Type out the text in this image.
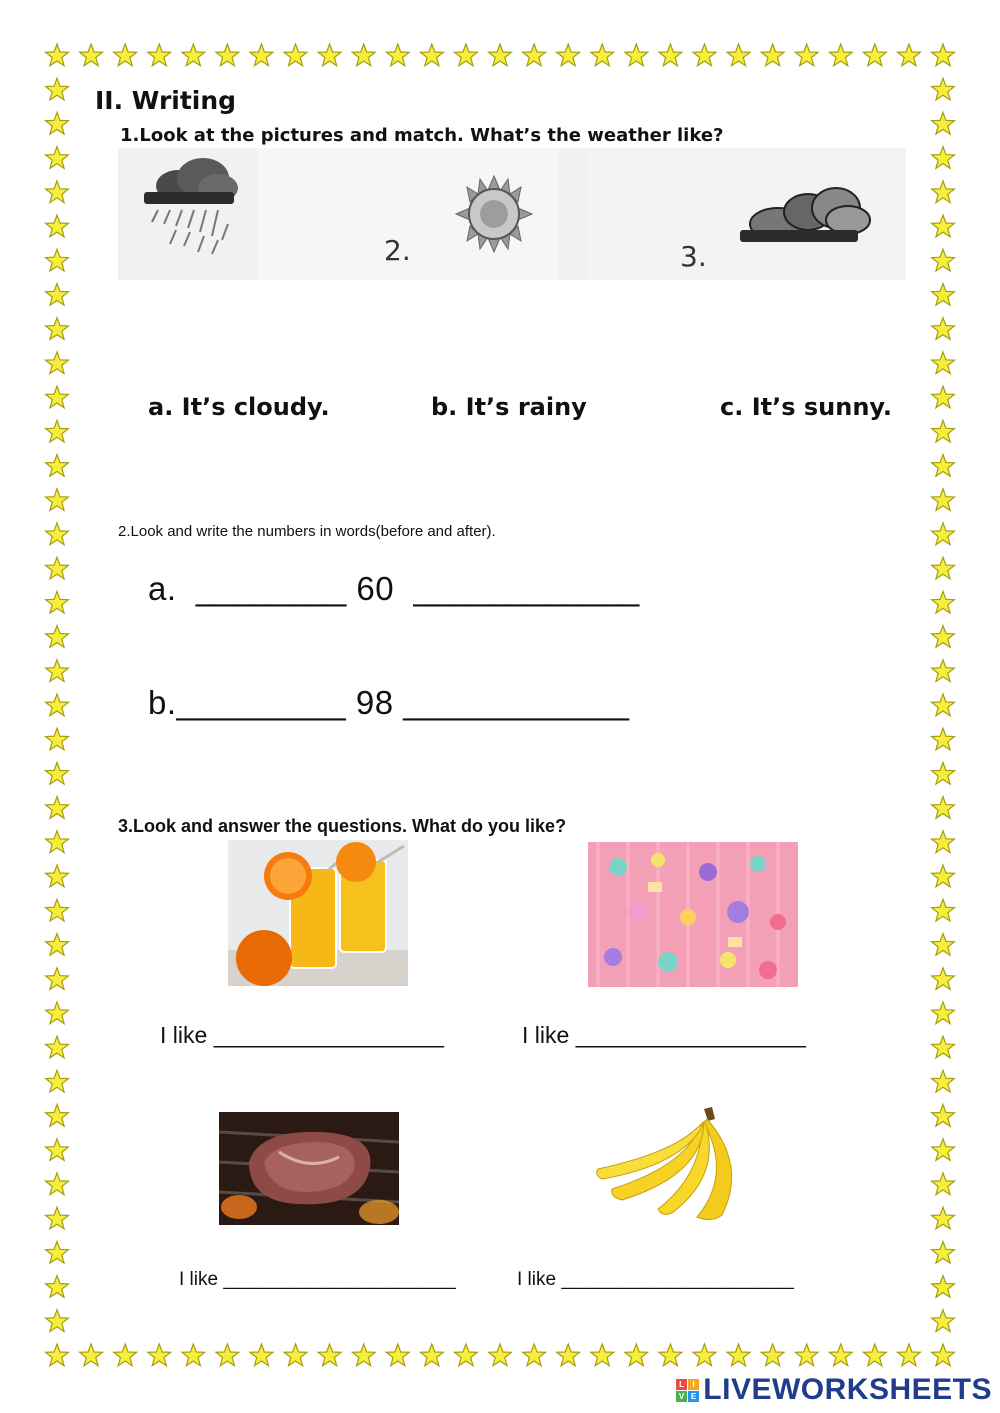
II. Writing
1.Look at the pictures and match. What’s the weather like?
2.	3.
a. It’s cloudy.	b. It’s rainy	c. It’s sunny.
2.Look and write the numbers in words(before and after).
a. ________ 60 ____________
b._________ 98 ____________
3.Look and answer the questions. What do you like?
I like __________________	I like __________________
I like ______________________	I like ______________________
L I
V E LIVEWORKSHEETS
